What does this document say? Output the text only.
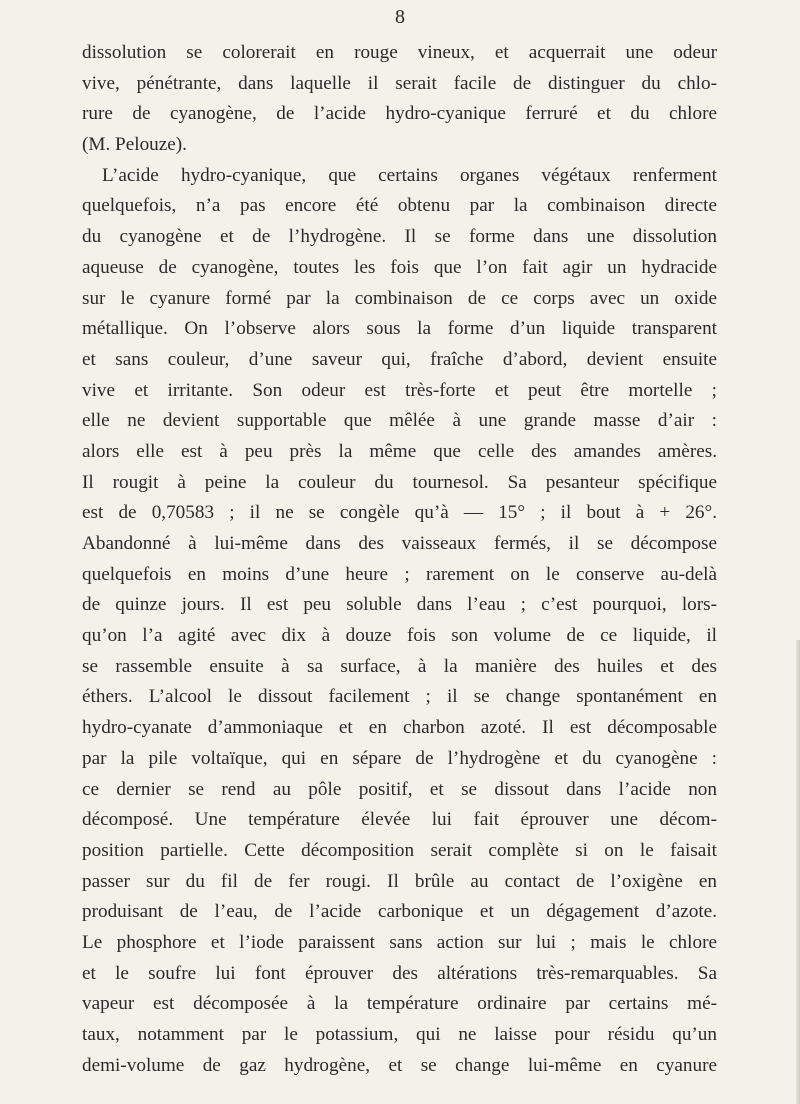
8
dissolution se colorerait en rouge vineux, et acquerrait une odeur
vive, pénétrante, dans laquelle il serait facile de distinguer du chlo-
rure de cyanogène, de l’acide hydro-cyanique ferruré et du chlore
(M. Pelouze).
L’acide hydro-cyanique, que certains organes végétaux renferment
quelquefois, n’a pas encore été obtenu par la combinaison directe
du cyanogène et de l’hydrogène. Il se forme dans une dissolution
aqueuse de cyanogène, toutes les fois que l’on fait agir un hydracide
sur le cyanure formé par la combinaison de ce corps avec un oxide
métallique. On l’observe alors sous la forme d’un liquide transparent
et sans couleur, d’une saveur qui, fraîche d’abord, devient ensuite
vive et irritante. Son odeur est très-forte et peut être mortelle ;
elle ne devient supportable que mêlée à une grande masse d’air :
alors elle est à peu près la même que celle des amandes amères.
Il rougit à peine la couleur du tournesol. Sa pesanteur spécifique
est de 0,70583 ; il ne se congèle qu’à — 15° ; il bout à + 26°.
Abandonné à lui-même dans des vaisseaux fermés, il se décompose
quelquefois en moins d’une heure ; rarement on le conserve au-delà
de quinze jours. Il est peu soluble dans l’eau ; c’est pourquoi, lors-
qu’on l’a agité avec dix à douze fois son volume de ce liquide, il
se rassemble ensuite à sa surface, à la manière des huiles et des
éthers. L’alcool le dissout facilement ; il se change spontanément en
hydro-cyanate d’ammoniaque et en charbon azoté. Il est décomposable
par la pile voltaïque, qui en sépare de l’hydrogène et du cyanogène :
ce dernier se rend au pôle positif, et se dissout dans l’acide non
décomposé. Une température élevée lui fait éprouver une décom-
position partielle. Cette décomposition serait complète si on le faisait
passer sur du fil de fer rougi. Il brûle au contact de l’oxigène en
produisant de l’eau, de l’acide carbonique et un dégagement d’azote.
Le phosphore et l’iode paraissent sans action sur lui ; mais le chlore
et le soufre lui font éprouver des altérations très-remarquables. Sa
vapeur est décomposée à la température ordinaire par certains mé-
taux, notamment par le potassium, qui ne laisse pour résidu qu’un
demi-volume de gaz hydrogène, et se change lui-même en cyanure
